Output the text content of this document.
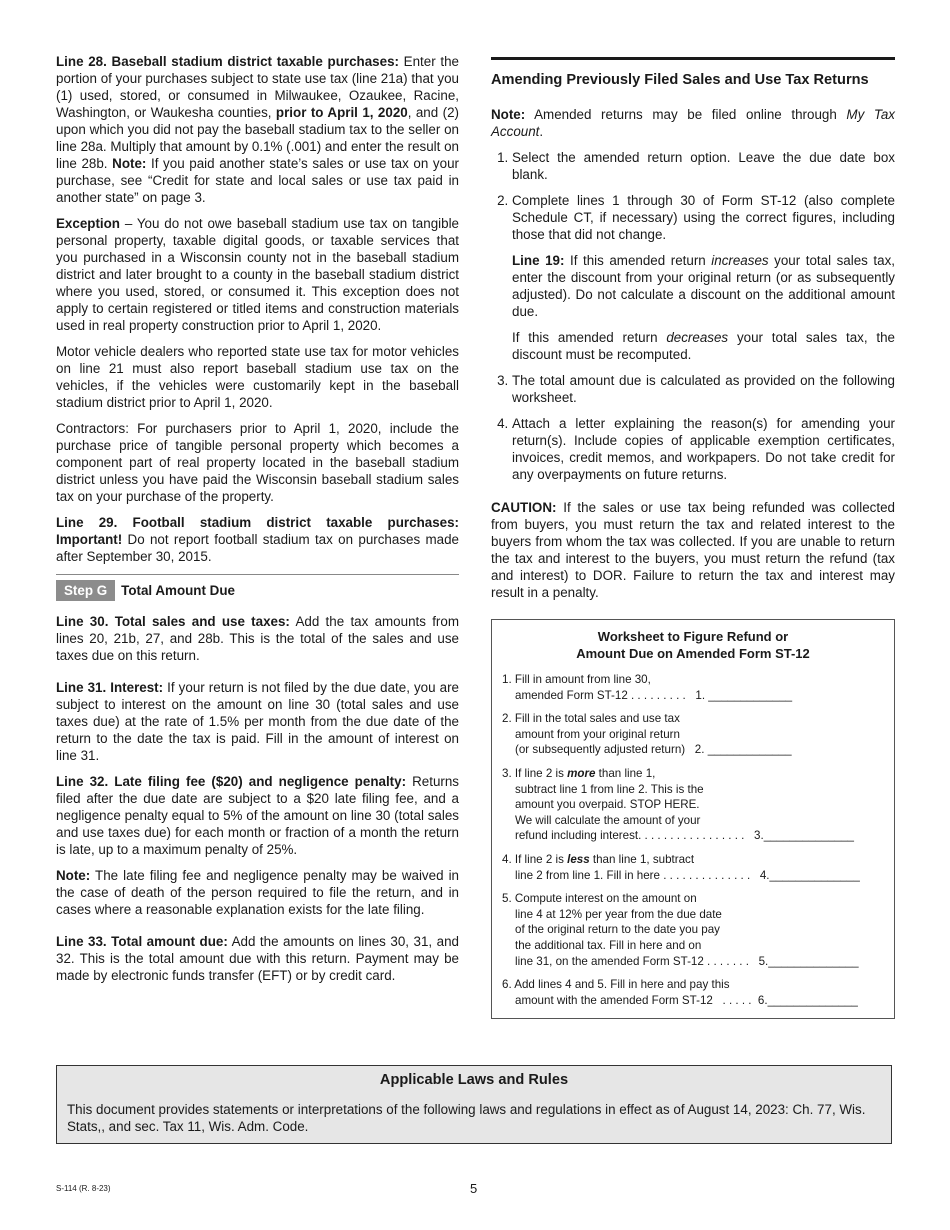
Line 28. Baseball stadium district taxable purchases: Enter the portion of your purchases subject to state use tax (line 21a) that you (1) used, stored, or consumed in Milwaukee, Ozaukee, Racine, Washington, or Waukesha counties, prior to April 1, 2020, and (2) upon which you did not pay the baseball stadium tax to the seller on line 28a. Multiply that amount by 0.1% (.001) and enter the result on line 28b. Note: If you paid another state’s sales or use tax on your purchase, see “Credit for state and local sales or use tax paid in another state” on page 3.

Exception – You do not owe baseball stadium use tax on tangible personal property, taxable digital goods, or taxable services that you purchased in a Wisconsin county not in the baseball stadium district and later brought to a county in the baseball stadium district where you used, stored, or consumed it. This exception does not apply to certain registered or titled items and construction materials used in real property construction prior to April 1, 2020.

Motor vehicle dealers who reported state use tax for motor vehicles on line 21 must also report baseball stadium use tax on the vehicles, if the vehicles were customarily kept in the baseball stadium district prior to April 1, 2020.

Contractors: For purchasers prior to April 1, 2020, include the purchase price of tangible personal property which becomes a component part of real property located in the baseball stadium district unless you have paid the Wisconsin baseball stadium sales tax on your purchase of the property.

Line 29. Football stadium district taxable purchases: Important! Do not report football stadium tax on purchases made after September 30, 2015.

Step G	Total Amount Due

Line 30. Total sales and use taxes: Add the tax amounts from lines 20, 21b, 27, and 28b. This is the total of the sales and use taxes due on this return.

Line 31. Interest: If your return is not filed by the due date, you are subject to interest on the amount on line 30 (total sales and use taxes due) at the rate of 1.5% per month from the due date of the return to the date the tax is paid. Fill in the amount of interest on line 31.

Line 32. Late filing fee ($20) and negligence penalty: Returns filed after the due date are subject to a $20 late filing fee, and a negligence penalty equal to 5% of the amount on line 30 (total sales and use taxes due) for each month or fraction of a month the return is late, up to a maximum penalty of 25%.

Note: The late filing fee and negligence penalty may be waived in the case of death of the person required to file the return, and in cases where a reasonable explanation exists for the late filing.

Line 33. Total amount due: Add the amounts on lines 30, 31, and 32. This is the total amount due with this return. Payment may be made by electronic funds transfer (EFT) or by credit card.

Amending Previously Filed Sales and Use Tax Returns

Note: Amended returns may be filed online through My Tax Account.

1. Select the amended return option. Leave the due date box blank.
2. Complete lines 1 through 30 of Form ST-12 (also complete Schedule CT, if necessary) using the correct figures, including those that did not change.
Line 19: If this amended return increases your total sales tax, enter the discount from your original return (or as subsequently adjusted). Do not calculate a discount on the additional amount due.
If this amended return decreases your total sales tax, the discount must be recomputed.
3. The total amount due is calculated as provided on the following worksheet.
4. Attach a letter explaining the reason(s) for amending your return(s). Include copies of applicable exemption certificates, invoices, credit memos, and workpapers. Do not take credit for any overpayments on future returns.

CAUTION: If the sales or use tax being refunded was collected from buyers, you must return the tax and related interest to the buyers from whom the tax was collected. If you are unable to return the tax and interest to the buyers, you must return the refund (tax and interest) to DOR. Failure to return the tax and interest may result in a penalty.

Worksheet to Figure Refund or
Amount Due on Amended Form ST-12
1. Fill in amount from line 30,
amended Form ST-12 . . . . . . . . .   1. _____________
2. Fill in the total sales and use tax
amount from your original return
(or subsequently adjusted return)   2. _____________
3. If line 2 is more than line 1,
subtract line 1 from line 2. This is the
amount you overpaid. STOP HERE.
We will calculate the amount of your
refund including interest. . . . . . . . . . . . . . . . .   3.______________
4. If line 2 is less than line 1, subtract
line 2 from line 1. Fill in here . . . . . . . . . . . . . .   4.______________
5. Compute interest on the amount on
line 4 at 12% per year from the due date
of the original return to the date you pay
the additional tax. Fill in here and on
line 31, on the amended Form ST-12 . . . . . . .   5.______________
6. Add lines 4 and 5. Fill in here and pay this
amount with the amended Form ST-12   . . . . .  6.______________
Applicable Laws and Rules
This document provides statements or interpretations of the following laws and regulations in effect as of August 14, 2023: Ch. 77, Wis. Stats,, and sec. Tax 11, Wis. Adm. Code.
S-114 (R. 8-23)	5
